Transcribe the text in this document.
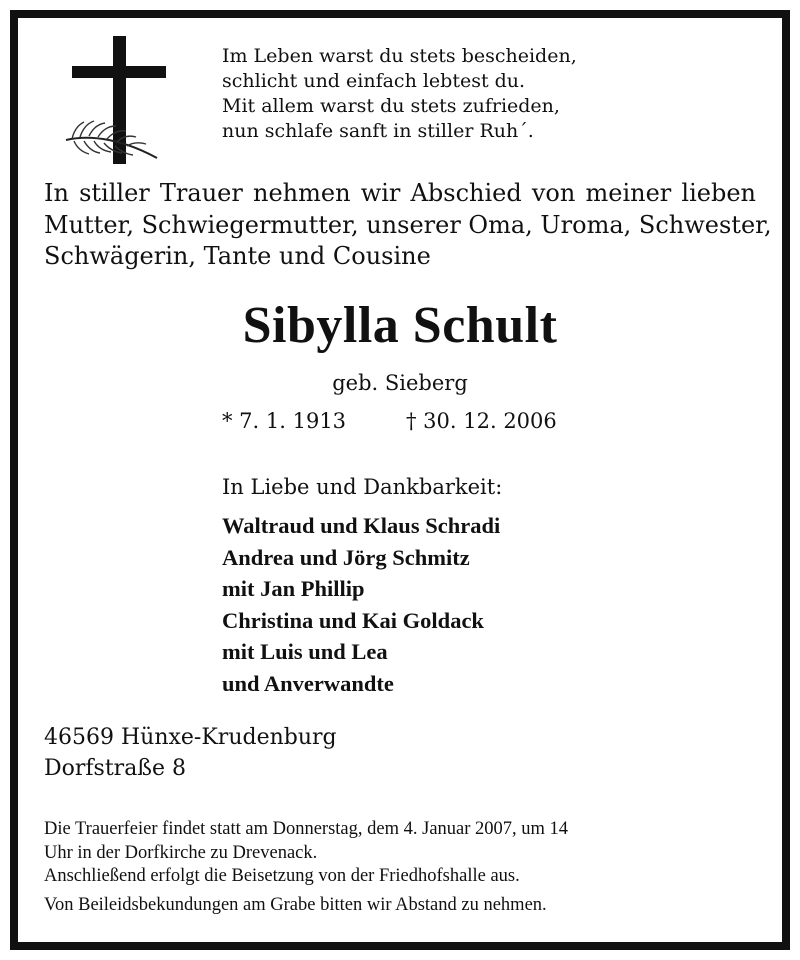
Im Leben warst du stets bescheiden,
schlicht und einfach lebtest du.
Mit allem warst du stets zufrieden,
nun schlafe sanft in stiller Ruh´.
In stiller Trauer nehmen wir Abschied von meiner lieben
Mutter, Schwiegermutter, unserer Oma, Uroma, Schwester,
Schwägerin, Tante und Cousine
Sibylla Schult
geb. Sieberg
* 7. 1. 1913	† 30. 12. 2006
In Liebe und Dankbarkeit:
Waltraud und Klaus Schradi
Andrea und Jörg Schmitz
mit Jan Phillip
Christina und Kai Goldack
mit Luis und Lea
und Anverwandte
46569 Hünxe-Krudenburg
Dorfstraße 8
Die Trauerfeier findet statt am Donnerstag, dem 4. Januar 2007, um 14
Uhr in der Dorfkirche zu Drevenack.
Anschließend erfolgt die Beisetzung von der Friedhofshalle aus.
Von Beileidsbekundungen am Grabe bitten wir Abstand zu nehmen.
